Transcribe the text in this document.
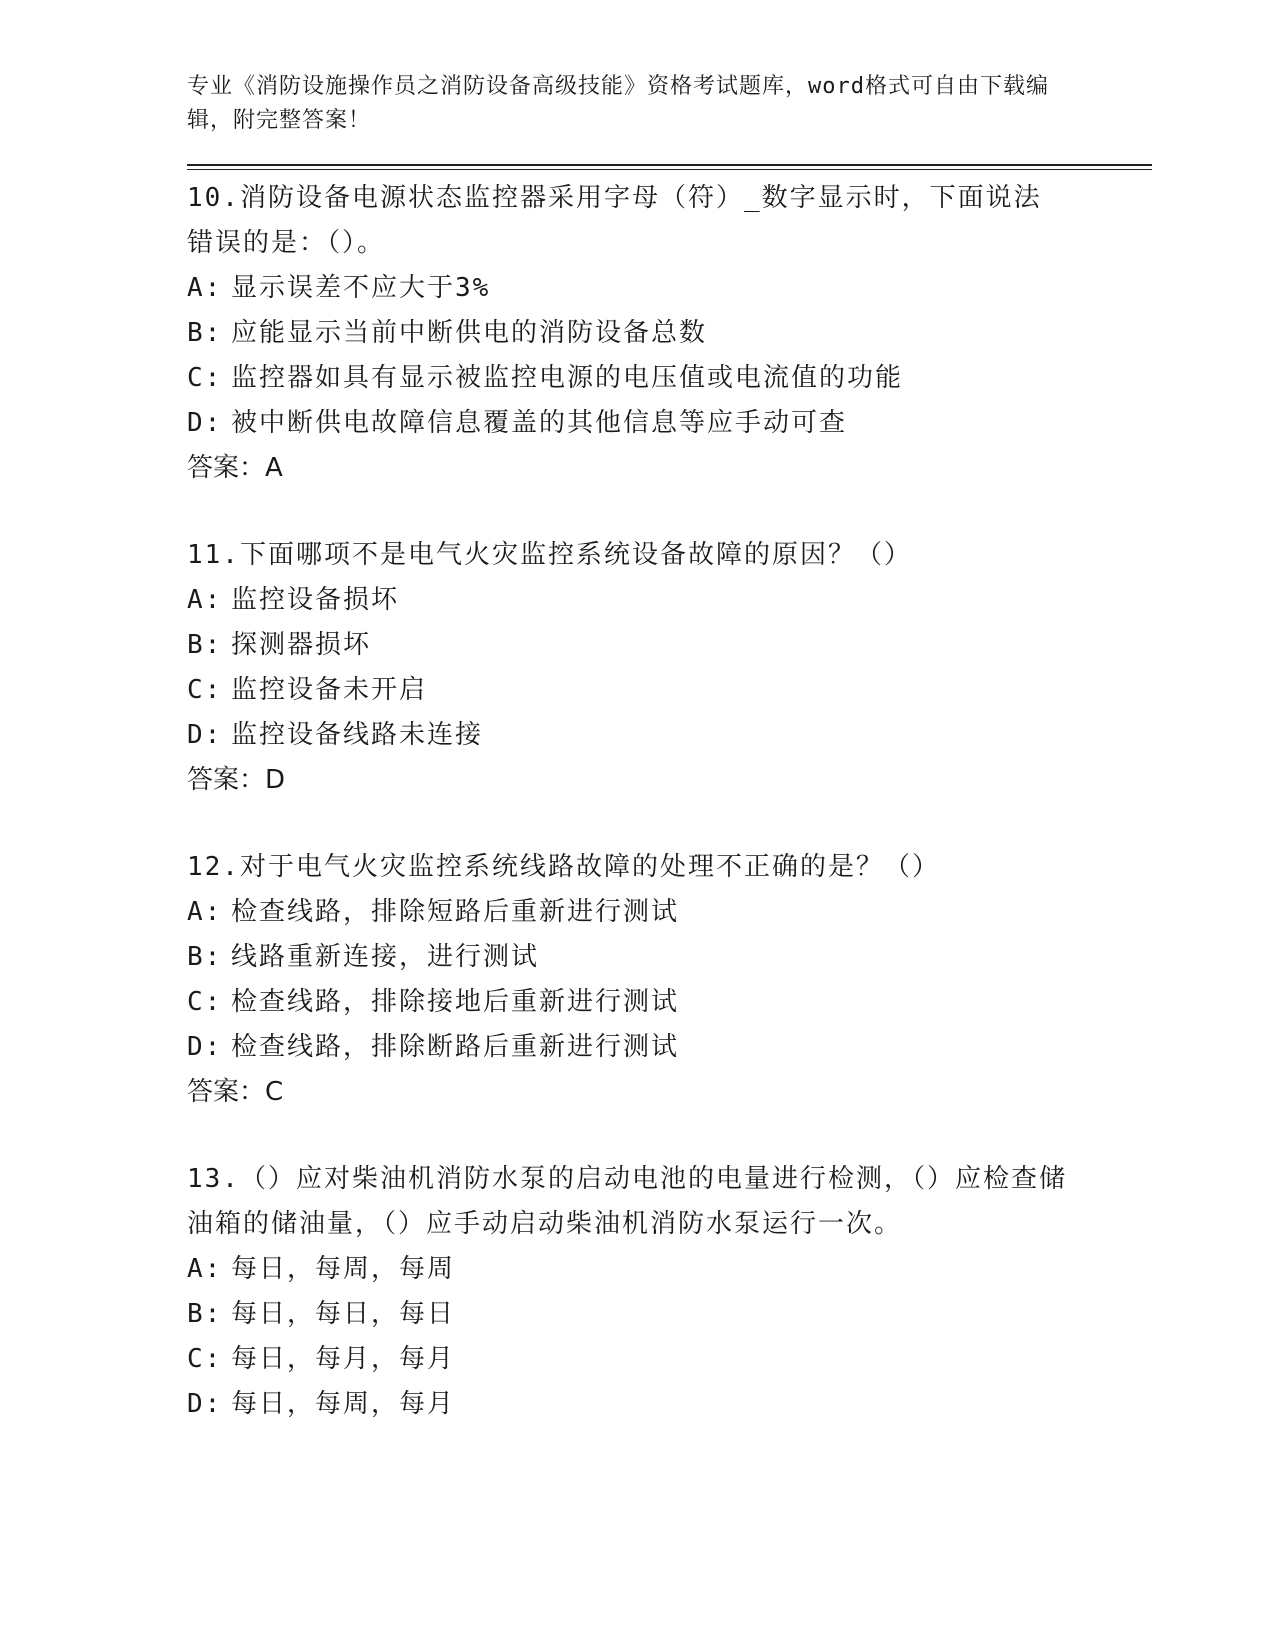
专业《消防设施操作员之消防设备高级技能》资格考试题库，word格式可自由下载编辑，附完整答案！

10.消防设备电源状态监控器采用字母（符）_数字显示时，下面说法错误的是：（）。

A: 显示误差不应大于3%

B: 应能显示当前中断供电的消防设备总数

C: 监控器如具有显示被监控电源的电压值或电流值的功能

D: 被中断供电故障信息覆盖的其他信息等应手动可查

答案：A

11.下面哪项不是电气火灾监控系统设备故障的原因？（）

A: 监控设备损坏

B: 探测器损坏

C: 监控设备未开启

D: 监控设备线路未连接

答案：D

12.对于电气火灾监控系统线路故障的处理不正确的是？（）

A: 检查线路，排除短路后重新进行测试

B: 线路重新连接，进行测试

C: 检查线路，排除接地后重新进行测试

D: 检查线路，排除断路后重新进行测试

答案：C

13.（）应对柴油机消防水泵的启动电池的电量进行检测，（）应检查储油箱的储油量，（）应手动启动柴油机消防水泵运行一次。

A: 每日，每周，每周

B: 每日，每日，每日

C: 每日，每月，每月

D: 每日，每周，每月
